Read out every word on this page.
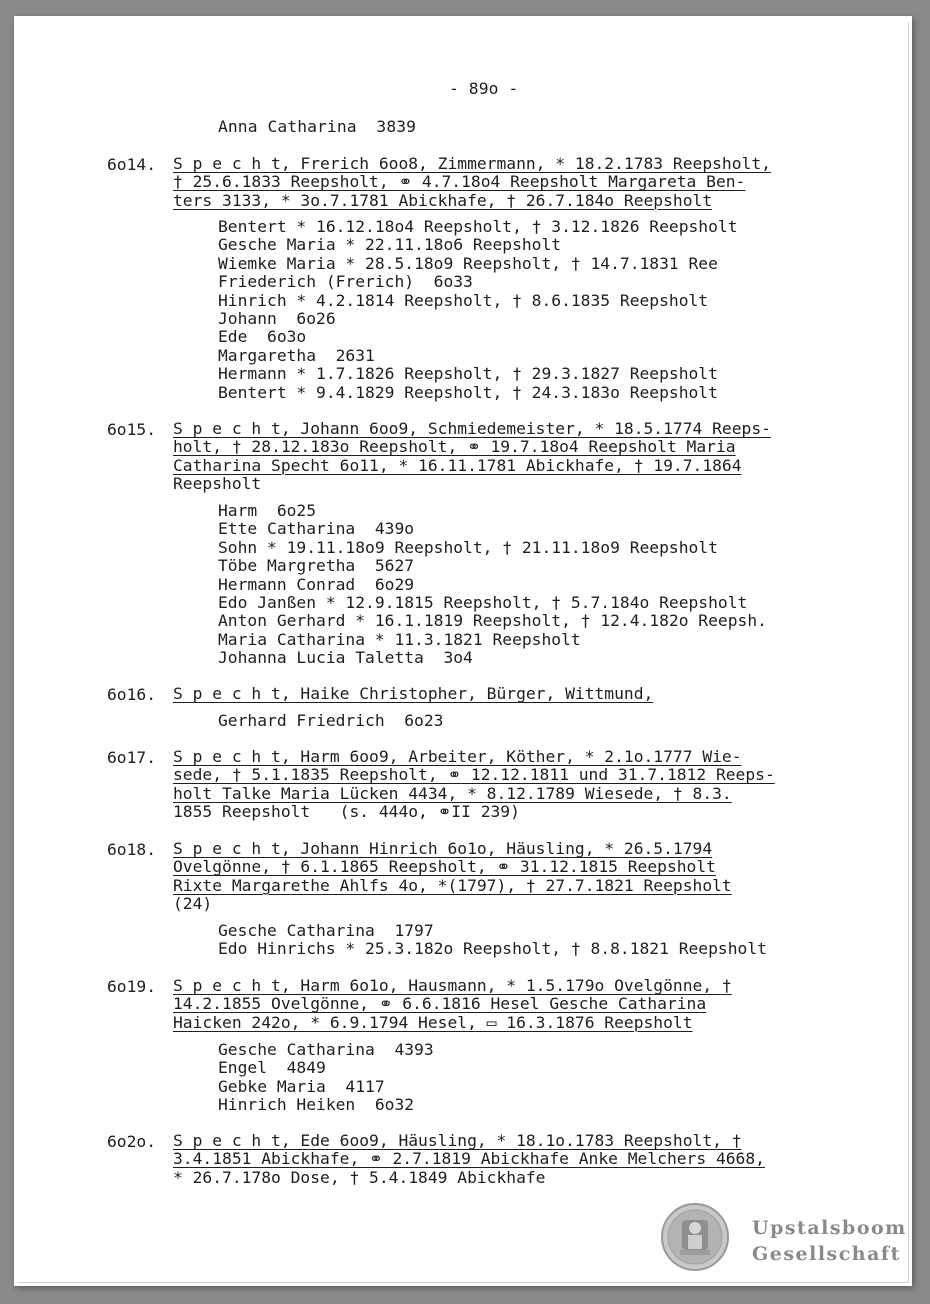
- 89o -
Anna Catharina  3839
6o14. S p e c h t, Frerich 6oo8, Zimmermann, * 18.2.1783 Reepsholt,
† 25.6.1833 Reepsholt, ⚭ 4.7.18o4 Reepsholt Margareta Ben-
ters 3133, * 3o.7.1781 Abickhafe, † 26.7.184o Reepsholt
Bentert * 16.12.18o4 Reepsholt, † 3.12.1826 Reepsholt
Gesche Maria * 22.11.18o6 Reepsholt
Wiemke Maria * 28.5.18o9 Reepsholt, † 14.7.1831 Ree
Friederich (Frerich)  6o33
Hinrich * 4.2.1814 Reepsholt, † 8.6.1835 Reepsholt
Johann  6o26
Ede  6o3o
Margaretha  2631
Hermann * 1.7.1826 Reepsholt, † 29.3.1827 Reepsholt
Bentert * 9.4.1829 Reepsholt, † 24.3.183o Reepsholt
6o15. S p e c h t, Johann 6oo9, Schmiedemeister, * 18.5.1774 Reeps-
holt, † 28.12.183o Reepsholt, ⚭ 19.7.18o4 Reepsholt Maria
Catharina Specht 6o11, * 16.11.1781 Abickhafe, † 19.7.1864
Reepsholt
Harm  6o25
Ette Catharina  439o
Sohn * 19.11.18o9 Reepsholt, † 21.11.18o9 Reepsholt
Töbe Margretha  5627
Hermann Conrad  6o29
Edo Janßen * 12.9.1815 Reepsholt, † 5.7.184o Reepsholt
Anton Gerhard * 16.1.1819 Reepsholt, † 12.4.182o Reepsh.
Maria Catharina * 11.3.1821 Reepsholt
Johanna Lucia Taletta  3o4
6o16. S p e c h t, Haike Christopher, Bürger, Wittmund,
Gerhard Friedrich  6o23
6o17. S p e c h t, Harm 6oo9, Arbeiter, Köther, * 2.1o.1777 Wie-
sede, † 5.1.1835 Reepsholt, ⚭ 12.12.1811 und 31.7.1812 Reeps-
holt Talke Maria Lücken 4434, * 8.12.1789 Wiesede, † 8.3.
1855 Reepsholt   (s. 444o, ⚭II 239)
6o18. S p e c h t, Johann Hinrich 6o1o, Häusling, * 26.5.1794
Ovelgönne, † 6.1.1865 Reepsholt, ⚭ 31.12.1815 Reepsholt
Rixte Margarethe Ahlfs 4o, *(1797), † 27.7.1821 Reepsholt
(24)
Gesche Catharina  1797
Edo Hinrichs * 25.3.182o Reepsholt, † 8.8.1821 Reepsholt
6o19. S p e c h t, Harm 6o1o, Hausmann, * 1.5.179o Ovelgönne, †
14.2.1855 Ovelgönne, ⚭ 6.6.1816 Hesel Gesche Catharina
Haicken 242o, * 6.9.1794 Hesel, ▭ 16.3.1876 Reepsholt
Gesche Catharina  4393
Engel  4849
Gebke Maria  4117
Hinrich Heiken  6o32
6o2o. S p e c h t, Ede 6oo9, Häusling, * 18.1o.1783 Reepsholt, †
3.4.1851 Abickhafe, ⚭ 2.7.1819 Abickhafe Anke Melchers 4668,
* 26.7.178o Dose, † 5.4.1849 Abickhafe
Upstalsboom
Gesellschaft
